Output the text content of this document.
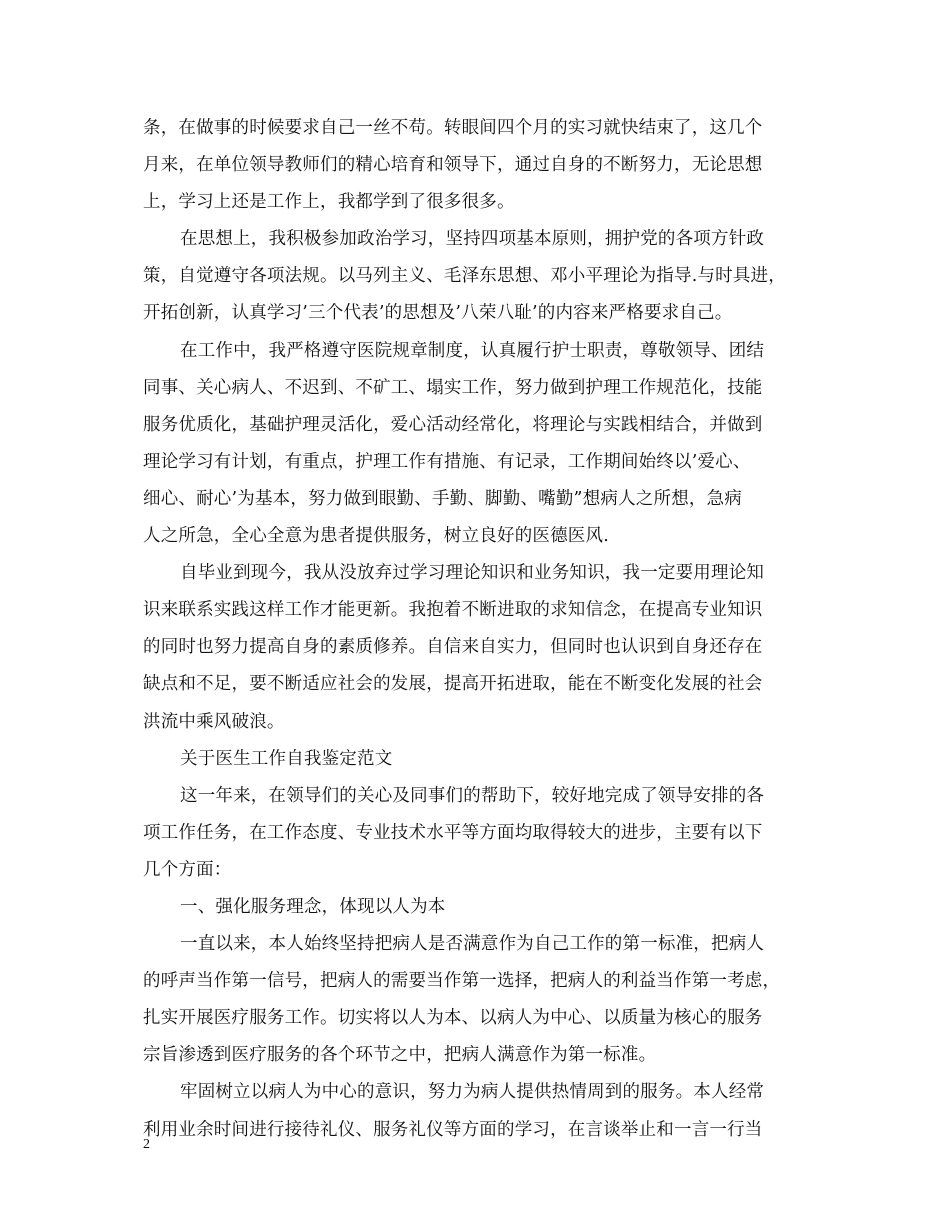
条，在做事的时候要求自己一丝不苟。转眼间四个月的实习就快结束了，这几个
月来，在单位领导教师们的精心培育和领导下，通过自身的不断努力，无论思想
上，学习上还是工作上，我都学到了很多很多。
在思想上，我积极参加政治学习，坚持四项基本原则，拥护党的各项方针政
策，自觉遵守各项法规。以马列主义、毛泽东思想、邓小平理论为指导.与时具进，
开拓创新，认真学习’三个代表’的思想及’八荣八耻’的内容来严格要求自己。
在工作中，我严格遵守医院规章制度，认真履行护士职责，尊敬领导、团结
同事、关心病人、不迟到、不矿工、塌实工作，努力做到护理工作规范化，技能
服务优质化，基础护理灵活化，爱心活动经常化，将理论与实践相结合，并做到
理论学习有计划，有重点，护理工作有措施、有记录，工作期间始终以’爱心、
细心、耐心’为基本，努力做到眼勤、手勤、脚勤、嘴勤”想病人之所想，急病
人之所急，全心全意为患者提供服务，树立良好的医德医风.
自毕业到现今，我从没放弃过学习理论知识和业务知识，我一定要用理论知
识来联系实践这样工作才能更新。我抱着不断进取的求知信念，在提高专业知识
的同时也努力提高自身的素质修养。自信来自实力，但同时也认识到自身还存在
缺点和不足，要不断适应社会的发展，提高开拓进取，能在不断变化发展的社会
洪流中乘风破浪。
关于医生工作自我鉴定范文
这一年来，在领导们的关心及同事们的帮助下，较好地完成了领导安排的各
项工作任务，在工作态度、专业技术水平等方面均取得较大的进步，主要有以下
几个方面：
一、强化服务理念，体现以人为本
一直以来，本人始终坚持把病人是否满意作为自己工作的第一标准，把病人
的呼声当作第一信号，把病人的需要当作第一选择，把病人的利益当作第一考虑，
扎实开展医疗服务工作。切实将以人为本、以病人为中心、以质量为核心的服务
宗旨渗透到医疗服务的各个环节之中，把病人满意作为第一标准。
牢固树立以病人为中心的意识，努力为病人提供热情周到的服务。本人经常
利用业余时间进行接待礼仪、服务礼仪等方面的学习，在言谈举止和一言一行当
2
